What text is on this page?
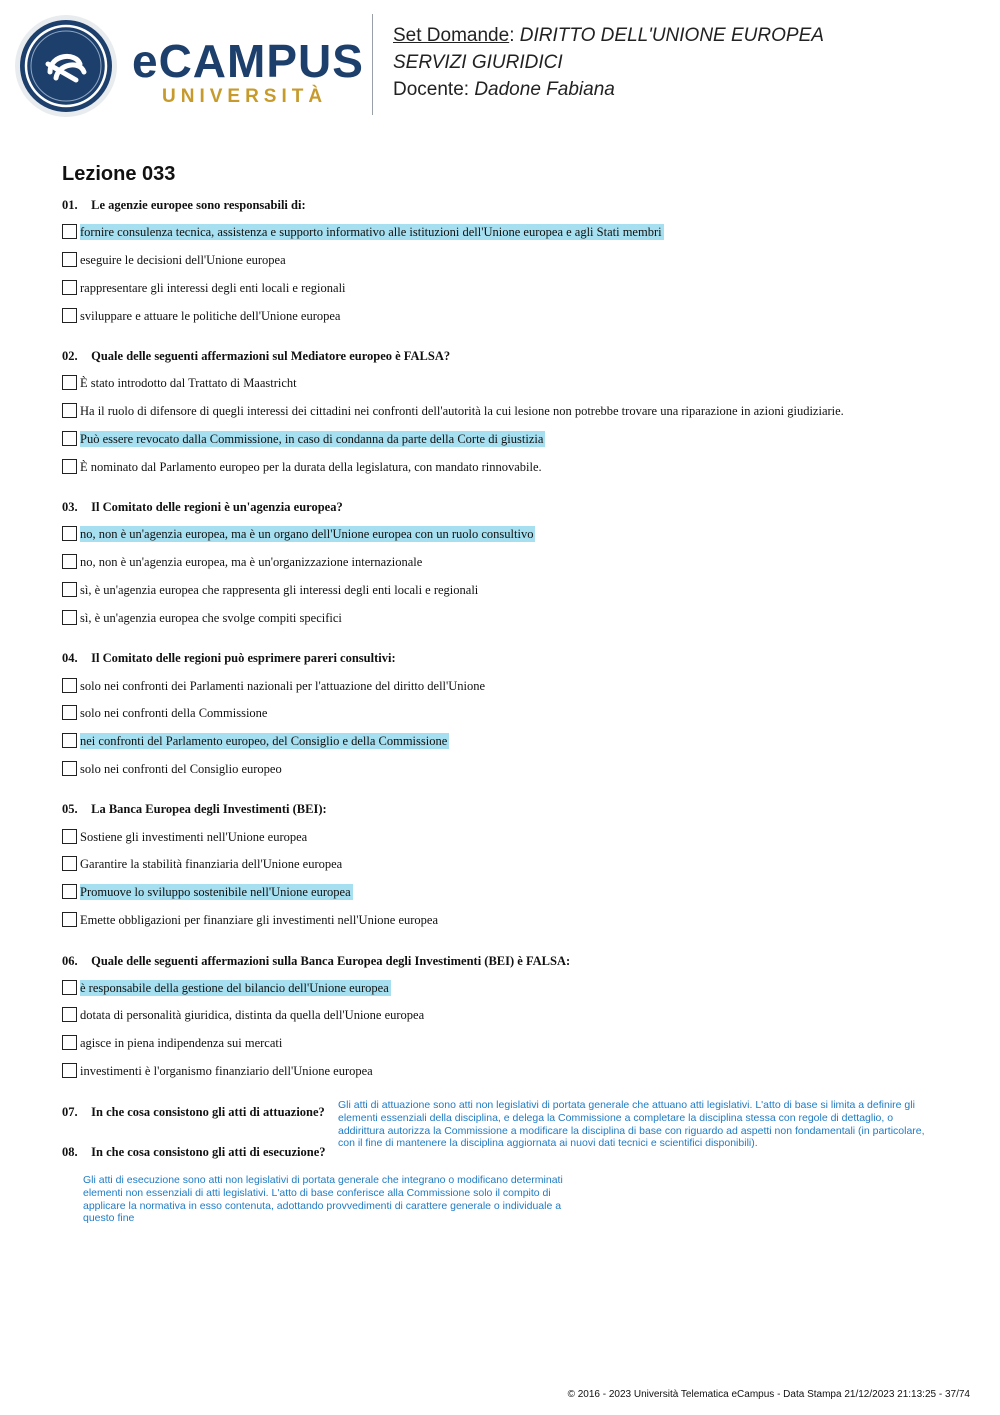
eCAMPUS
UNIVERSITÀ
Set Domande: DIRITTO DELL'UNIONE EUROPEA
SERVIZI GIURIDICI
Docente: Dadone Fabiana
Lezione 033
01. Le agenzie europee sono responsabili di:
fornire consulenza tecnica, assistenza e supporto informativo alle istituzioni dell'Unione europea e agli Stati membri
eseguire le decisioni dell'Unione europea
rappresentare gli interessi degli enti locali e regionali
sviluppare e attuare le politiche dell'Unione europea
02. Quale delle seguenti affermazioni sul Mediatore europeo è FALSA?
È stato introdotto dal Trattato di Maastricht
Ha il ruolo di difensore di quegli interessi dei cittadini nei confronti dell'autorità la cui lesione non potrebbe trovare una riparazione in azioni giudiziarie.
Può essere revocato dalla Commissione, in caso di condanna da parte della Corte di giustizia
È nominato dal Parlamento europeo per la durata della legislatura, con mandato rinnovabile.
03. Il Comitato delle regioni è un'agenzia europea?
no, non è un'agenzia europea, ma è un organo dell'Unione europea con un ruolo consultivo
no, non è un'agenzia europea, ma è un'organizzazione internazionale
sì, è un'agenzia europea che rappresenta gli interessi degli enti locali e regionali
sì, è un'agenzia europea che svolge compiti specifici
04. Il Comitato delle regioni può esprimere pareri consultivi:
solo nei confronti dei Parlamenti nazionali per l'attuazione del diritto dell'Unione
solo nei confronti della Commissione
nei confronti del Parlamento europeo, del Consiglio e della Commissione
solo nei confronti del Consiglio europeo
05. La Banca Europea degli Investimenti (BEI):
Sostiene gli investimenti nell'Unione europea
Garantire la stabilità finanziaria dell'Unione europea
Promuove lo sviluppo sostenibile nell'Unione europea
Emette obbligazioni per finanziare gli investimenti nell'Unione europea
06. Quale delle seguenti affermazioni sulla Banca Europea degli Investimenti (BEI) è FALSA:
è responsabile della gestione del bilancio dell'Unione europea
dotata di personalità giuridica, distinta da quella dell'Unione europea
agisce in piena indipendenza sui mercati
investimenti è l'organismo finanziario dell'Unione europea
07. In che cosa consistono gli atti di attuazione? Gli atti di attuazione sono atti non legislativi di portata generale che attuano atti legislativi. L'atto di base si limita a definire gli
elementi essenziali della disciplina, e delega la Commissione a completare la disciplina stessa con regole di dettaglio, o
addirittura autorizza la Commissione a modificare la disciplina di base con riguardo ad aspetti non fondamentali (in particolare,
con il fine di mantenere la disciplina aggiornata ai nuovi dati tecnici e scientifici disponibili).
08. In che cosa consistono gli atti di esecuzione?
Gli atti di esecuzione sono atti non legislativi di portata generale che integrano o modificano determinati
elementi non essenziali di atti legislativi. L'atto di base conferisce alla Commissione solo il compito di
applicare la normativa in esso contenuta, adottando provvedimenti di carattere generale o individuale a
questo fine
© 2016 - 2023 Università Telematica eCampus - Data Stampa 21/12/2023 21:13:25 - 37/74
